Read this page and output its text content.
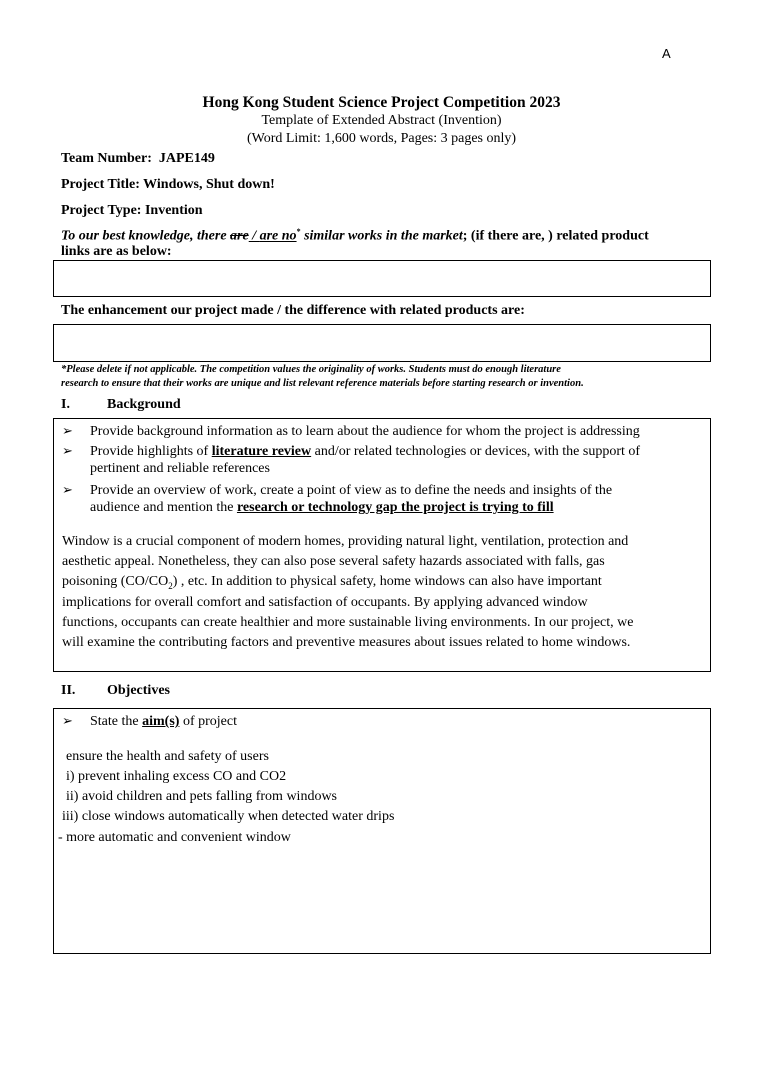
A
Hong Kong Student Science Project Competition 2023
Template of Extended Abstract (Invention)
(Word Limit: 1,600 words, Pages: 3 pages only)
Team Number: JAPE149
Project Title: Windows, Shut down!
Project Type: Invention
To our best knowledge, there are / are no* similar works in the market; (if there are, ) related product
links are as below:
The enhancement our project made / the difference with related products are:
*Please delete if not applicable. The competition values the originality of works. Students must do enough literature
research to ensure that their works are unique and list relevant reference materials before starting research or invention.
I.	Background
➢ Provide background information as to learn about the audience for whom the project is addressing
➢ Provide highlights of literature review and/or related technologies or devices, with the support of
pertinent and reliable references
➢ Provide an overview of work, create a point of view as to define the needs and insights of the
audience and mention the research or technology gap the project is trying to fill
Window is a crucial component of modern homes, providing natural light, ventilation, protection and
aesthetic appeal. Nonetheless, they can also pose several safety hazards associated with falls, gas
poisoning $(CO/CO_2)$ , etc. In addition to physical safety, home windows can also have important
implications for overall comfort and satisfaction of occupants. By applying advanced window
functions, occupants can create healthier and more sustainable living environments. In our project, we
will examine the contributing factors and preventive measures about issues related to home windows.
II. Objectives
➢ State the aim(s) of project
ensure the health and safety of users
i) prevent inhaling excess CO and CO2
ii) avoid children and pets falling from windows
iii) close windows automatically when detected water drips
- more automatic and convenient window
